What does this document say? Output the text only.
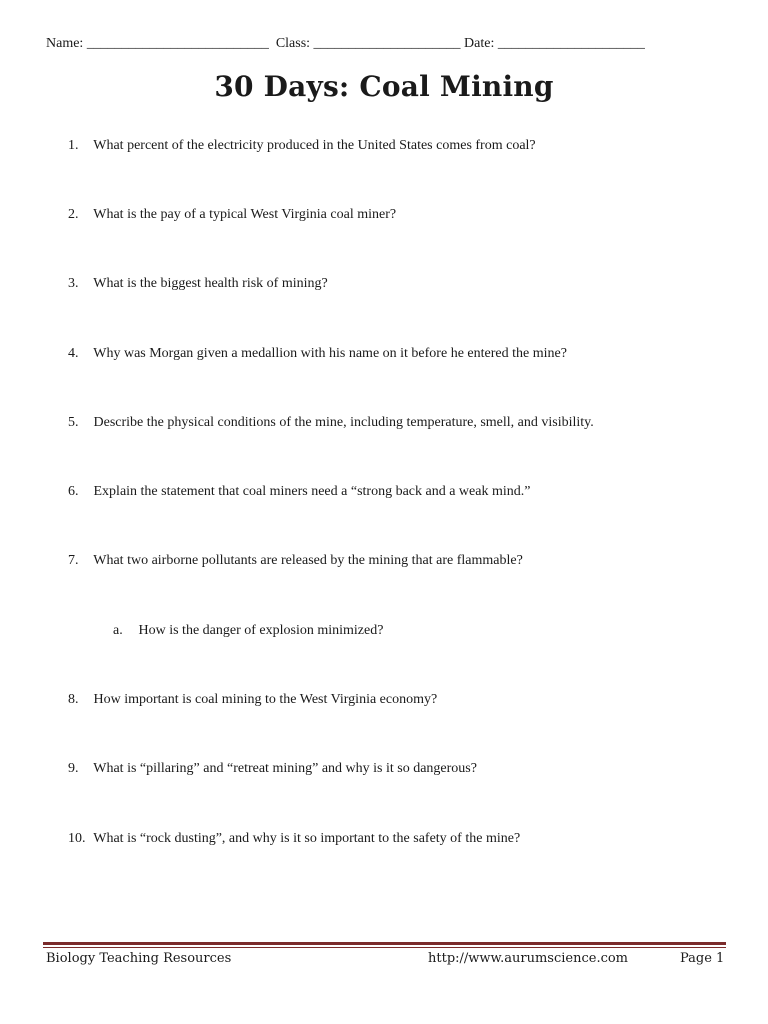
Name: __________________________  Class: _____________________ Date: _____________________
30 Days: Coal Mining
1. What percent of the electricity produced in the United States comes from coal?
2. What is the pay of a typical West Virginia coal miner?
3. What is the biggest health risk of mining?
4. Why was Morgan given a medallion with his name on it before he entered the mine?
5. Describe the physical conditions of the mine, including temperature, smell, and visibility.
6. Explain the statement that coal miners need a “strong back and a weak mind.”
7. What two airborne pollutants are released by the mining that are flammable?
a. How is the danger of explosion minimized?
8. How important is coal mining to the West Virginia economy?
9. What is “pillaring” and “retreat mining” and why is it so dangerous?
10. What is “rock dusting”, and why is it so important to the safety of the mine?
Biology Teaching Resources	http://www.aurumscience.com	Page 1
